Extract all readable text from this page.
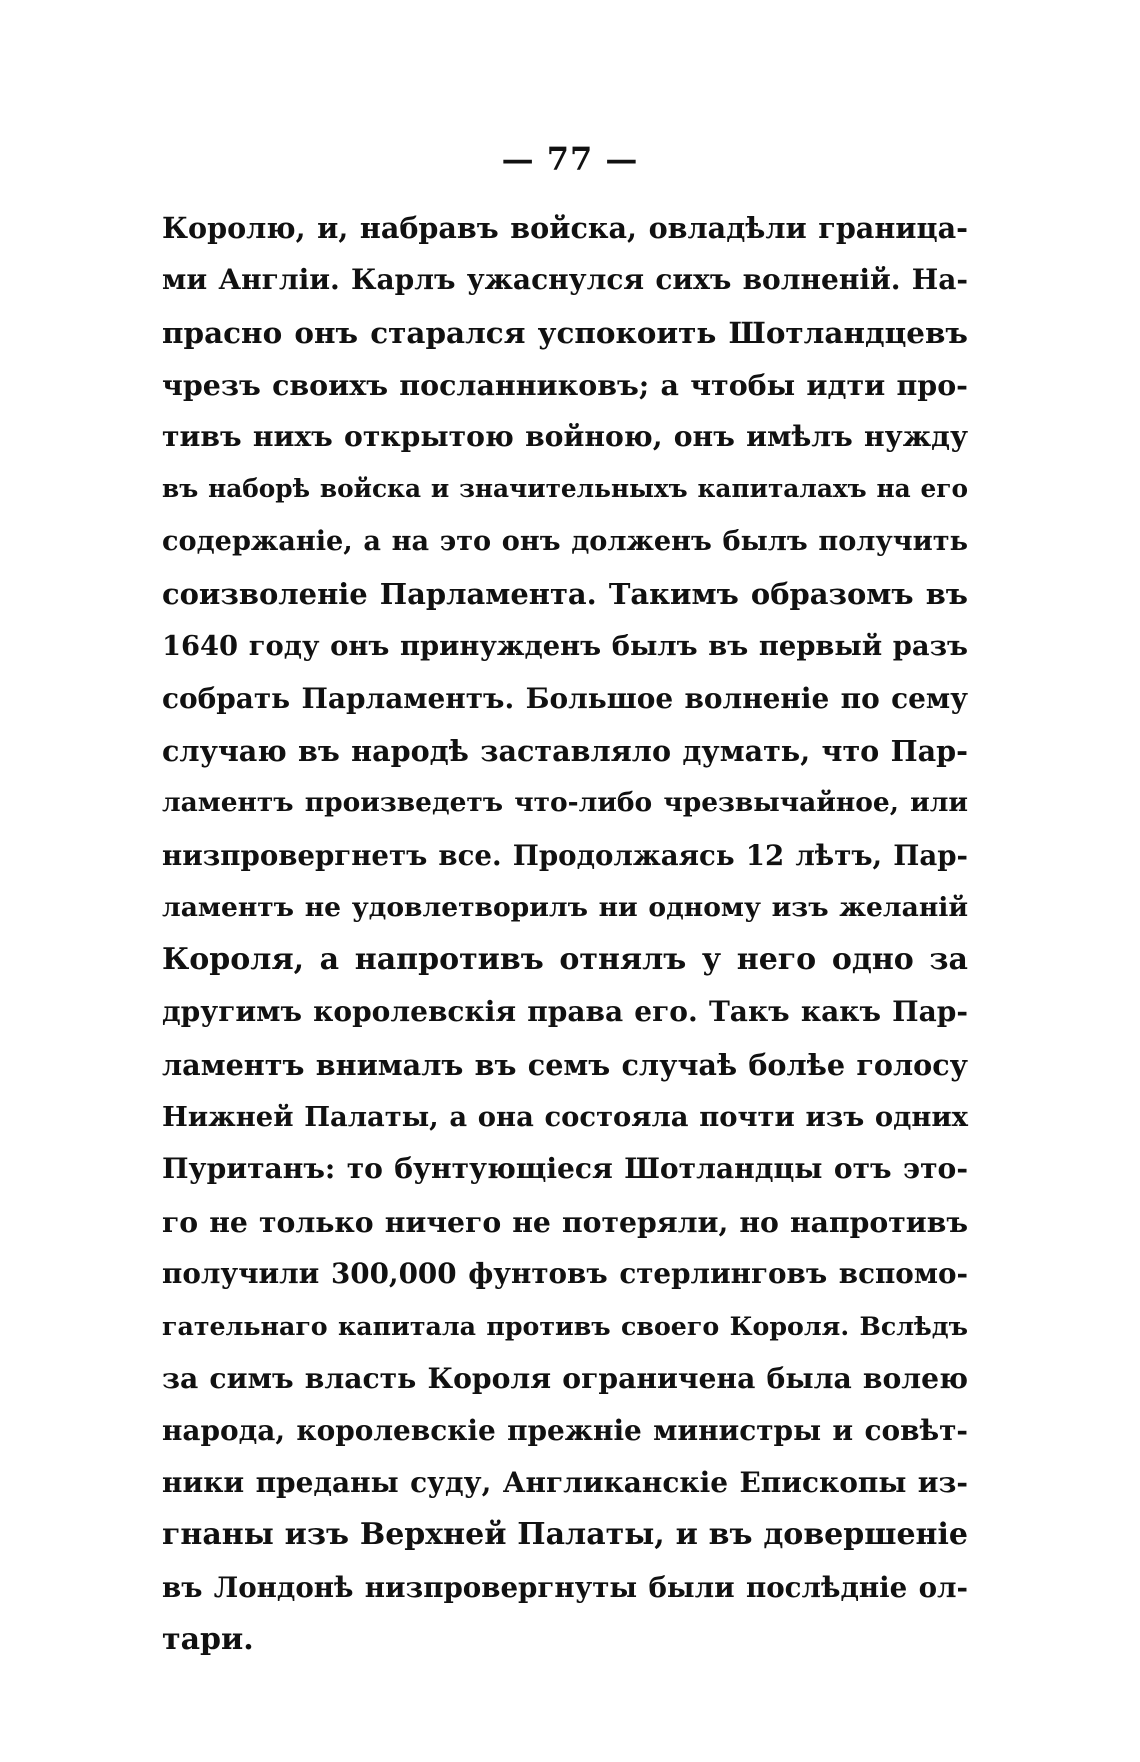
— 77 —
Королю, и, набравъ войска, овладѣли граница-
ми Англіи. Карлъ ужаснулся сихъ волненій. На-
прасно онъ старался успокоить Шотландцевъ
чрезъ своихъ посланниковъ; а чтобы идти про-
тивъ нихъ открытою войною, онъ имѣлъ нужду
въ наборѣ войска и значительныхъ капиталахъ на его
содержаніе, а на это онъ долженъ былъ получить
соизволеніе Парламента. Такимъ образомъ въ
1640 году онъ принужденъ былъ въ первый разъ
собрать Парламентъ. Большое волненіе по сему
случаю въ народѣ заставляло думать, что Пар-
ламентъ произведетъ что-либо чрезвычайное, или
низпровергнетъ все. Продолжаясь 12 лѣтъ, Пар-
ламентъ не удовлетворилъ ни одному изъ желаній
Короля, а напротивъ отнялъ у него одно за
другимъ королевскія права его. Такъ какъ Пар-
ламентъ внималъ въ семъ случаѣ болѣе голосу
Нижней Палаты, а она состояла почти изъ одних
Пуританъ: то бунтующіеся Шотландцы отъ это-
го не только ничего не потеряли, но напротивъ
получили 300,000 фунтовъ стерлинговъ вспомо-
гательнаго капитала противъ своего Короля. Вслѣдъ
за симъ власть Короля ограничена была волею
народа, королевскіе прежніе министры и совѣт-
ники преданы суду, Англиканскіе Епископы из-
гнаны изъ Верхней Палаты, и въ довершеніе
въ Лондонѣ низпровергнуты были послѣдніе ол-
тари.
